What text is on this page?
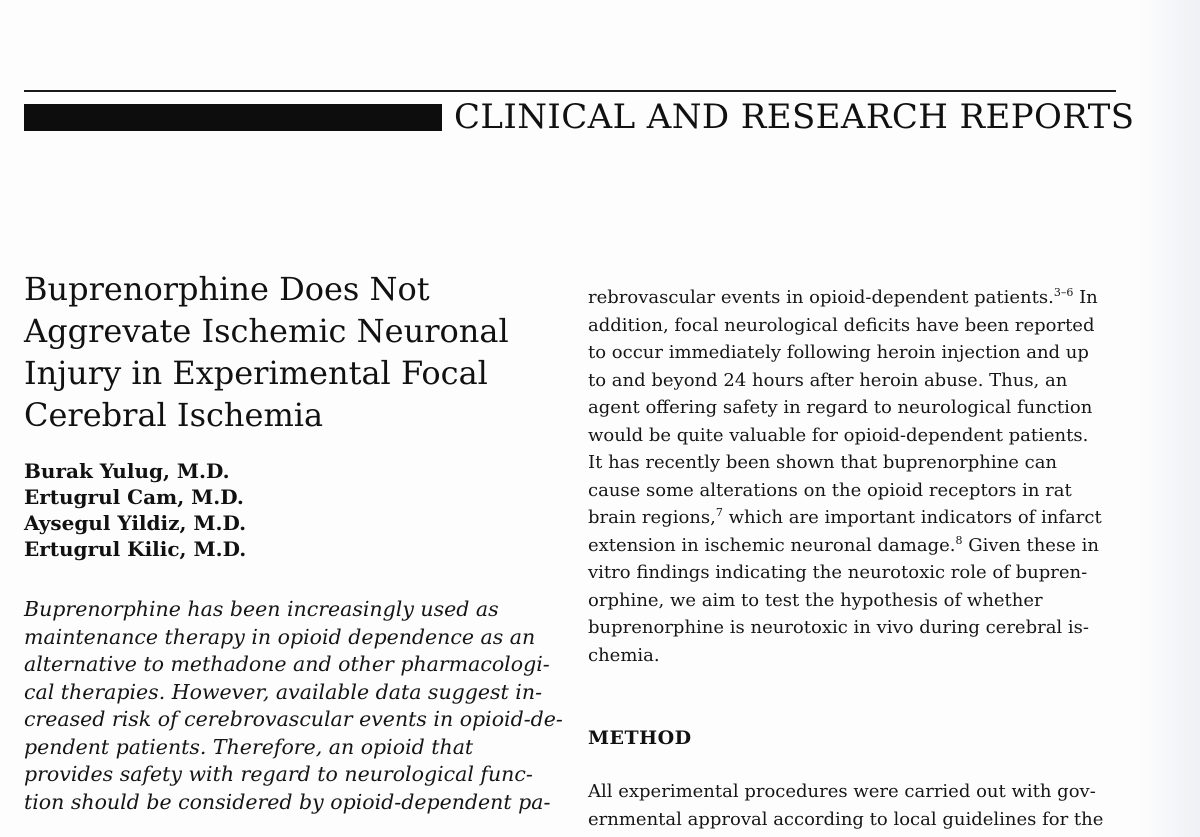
CLINICAL AND RESEARCH REPORTS
Buprenorphine Does Not
Aggrevate Ischemic Neuronal
Injury in Experimental Focal
Cerebral Ischemia
Burak Yulug, M.D.
Ertugrul Cam, M.D.
Aysegul Yildiz, M.D.
Ertugrul Kilic, M.D.
Buprenorphine has been increasingly used as
maintenance therapy in opioid dependence as an
alternative to methadone and other pharmacologi-
cal therapies. However, available data suggest in-
creased risk of cerebrovascular events in opioid-de-
pendent patients. Therefore, an opioid that
provides safety with regard to neurological func-
tion should be considered by opioid-dependent pa-
rebrovascular events in opioid-dependent patients.$^{3-6}$ In
addition, focal neurological deficits have been reported
to occur immediately following heroin injection and up
to and beyond 24 hours after heroin abuse. Thus, an
agent offering safety in regard to neurological function
would be quite valuable for opioid-dependent patients.
It has recently been shown that buprenorphine can
cause some alterations on the opioid receptors in rat
brain regions,$^7$ which are important indicators of infarct
extension in ischemic neuronal damage.$^8$ Given these in
vitro findings indicating the neurotoxic role of bupren-
orphine, we aim to test the hypothesis of whether
buprenorphine is neurotoxic in vivo during cerebral is-
chemia.
METHOD
All experimental procedures were carried out with gov-
ernmental approval according to local guidelines for the
